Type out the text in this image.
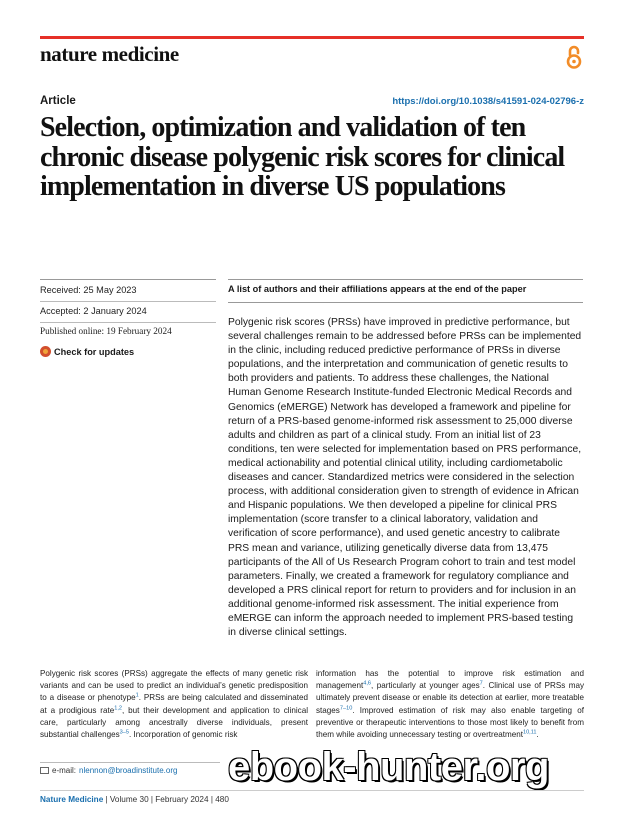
nature medicine
Article	https://doi.org/10.1038/s41591-024-02796-z
Selection, optimization and validation of ten chronic disease polygenic risk scores for clinical implementation in diverse US populations
Received: 25 May 2023
Accepted: 2 January 2024
Published online: 19 February 2024
Check for updates
A list of authors and their affiliations appears at the end of the paper

Polygenic risk scores (PRSs) have improved in predictive performance, but several challenges remain to be addressed before PRSs can be implemented in the clinic, including reduced predictive performance of PRSs in diverse populations, and the interpretation and communication of genetic results to both providers and patients. To address these challenges, the National Human Genome Research Institute-funded Electronic Medical Records and Genomics (eMERGE) Network has developed a framework and pipeline for return of a PRS-based genome-informed risk assessment to 25,000 diverse adults and children as part of a clinical study. From an initial list of 23 conditions, ten were selected for implementation based on PRS performance, medical actionability and potential clinical utility, including cardiometabolic diseases and cancer. Standardized metrics were considered in the selection process, with additional consideration given to strength of evidence in African and Hispanic populations. We then developed a pipeline for clinical PRS implementation (score transfer to a clinical laboratory, validation and verification of score performance), and used genetic ancestry to calibrate PRS mean and variance, utilizing genetically diverse data from 13,475 participants of the All of Us Research Program cohort to train and test model parameters. Finally, we created a framework for regulatory compliance and developed a PRS clinical report for return to providers and for inclusion in an additional genome-informed risk assessment. The initial experience from eMERGE can inform the approach needed to implement PRS-based testing in diverse clinical settings.

Polygenic risk scores (PRSs) aggregate the effects of many genetic risk variants and can be used to predict an individual’s genetic predisposition to a disease or phenotype$^1$. PRSs are being calculated and disseminated at a prodigious rate$^{1,2}$, but their development and application to clinical care, particularly among ancestrally diverse individuals, present substantial challenges$^{3-5}$. Incorporation of genomic risk

information has the potential to improve risk estimation and management$^{4,6}$, particularly at younger ages$^7$. Clinical use of PRSs may ultimately prevent disease or enable its detection at earlier, more treatable stages$^{7-10}$. Improved estimation of risk may also enable targeting of preventive or therapeutic interventions to those most likely to benefit from them while avoiding unnecessary testing or overtreatment$^{10,11}$.

e-mail: nlennon@broadinstitute.org ebook-hunter.org
Nature Medicine | Volume 30 | February 2024 | 480
